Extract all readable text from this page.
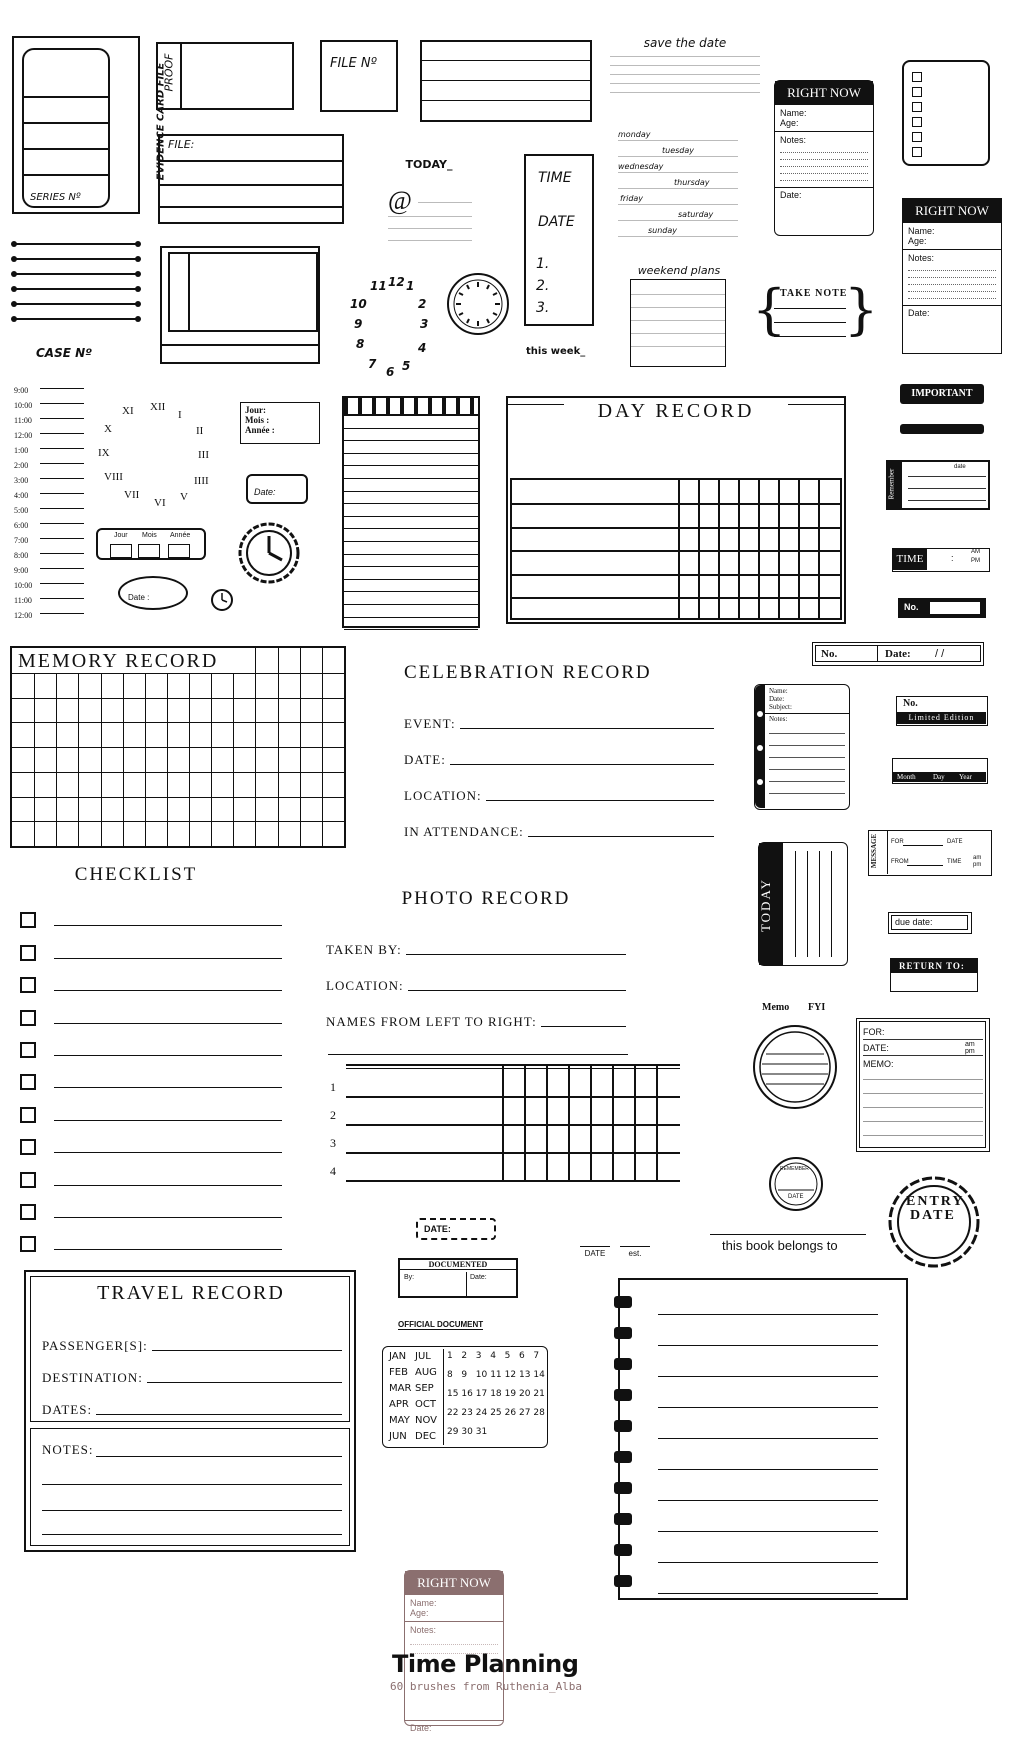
SERIES Nº
EVIDENCE CARD FILE
PROOF	FILE Nº
save the date
FILE:
TODAY_
@
TIME
DATE
1.
2.
3.
monday
tuesday
wednesday
thursday
friday
saturday
sunday
weekend plans
{ }
TAKE NOTE
RIGHT NOW
Name:
Age:
Notes:
Date:
RIGHT NOW
Name:
Age:
Notes:
Date:
CASE Nº
12 1
2
3
4
5
6
7
8
9
10
11
this week_
9:00
10:00
11:00
12:00
1:00
2:00
3:00
4:00
5:00
6:00
7:00
8:00
9:00
10:00
11:00
12:00
XII
I
II
III
IIII
V
VI
VII
VIII
IX
X
XI	Jour:
Mois :
Année :
Date:
Jour Mois Année
Date :
DAY RECORD
IMPORTANT
Remember
date
TIME	:
AM
PM
No.
No.	Date: / /
MEMORY RECORD
CELEBRATION RECORD
EVENT:
DATE:
LOCATION:
IN ATTENDANCE:
Name:
Date:
Subject:
Notes:
No.
Limited Edition
Month Day Year
CHECKLIST
PHOTO RECORD
TAKEN BY:
LOCATION:
NAMES FROM LEFT TO RIGHT:
1
2
3
4
TODAY
MESSAGE FOR	DATE
FROM	TIME
am pm
due date:
RETURN TO:
Memo FYI
FOR:
DATE:	am pm
MEMO:
REMEMBER
DATE	ENTRY
DATE
DATE:
DATE	est.
this book belongs to
DOCUMENTED
By:	Date:
OFFICIAL DOCUMENT
JAN JUL
FEB AUG
MAR SEP
APR OCT
MAY NOV
JUN DEC
1 2 3 4 5 6 7
8 9 10 11 12 13 14
15 16 17 18 19 20 21
22 23 24 25 26 27 28
29 30 31
TRAVEL RECORD
PASSENGER[S]:
DESTINATION:
DATES:
NOTES:
RIGHT NOW
Name:
Age:
Notes:
Date:
Time Planning
60 brushes from Ruthenia_Alba
